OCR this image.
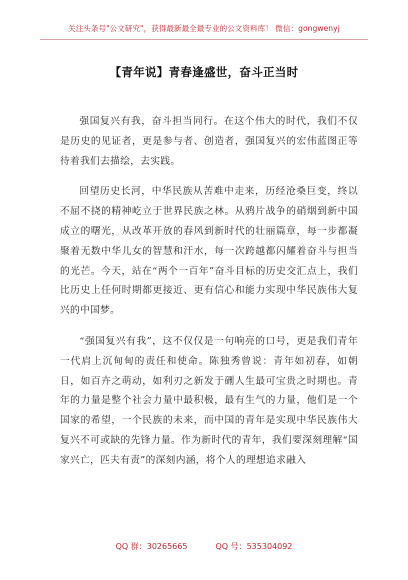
关注头条号"公文研究"，获得最新最全最专业的公文资料库！ 微信：gongwenyj
【青年说】青春逢盛世，奋斗正当时

强国复兴有我，奋斗担当同行。在这个伟大的时代，我们不仅是历史的见证者，更是参与者、创造者，强国复兴的宏伟蓝图正等待着我们去描绘，去实践。

回望历史长河，中华民族从苦难中走来，历经沧桑巨变，终以不屈不挠的精神屹立于世界民族之林。从鸦片战争的硝烟到新中国成立的曙光，从改革开放的春风到新时代的壮丽篇章，每一步都凝聚着无数中华儿女的智慧和汗水，每一次跨越都闪耀着奋斗与担当的光芒。今天，站在“两个一百年”奋斗目标的历史交汇点上，我们比历史上任何时期都更接近、更有信心和能力实现中华民族伟大复兴的中国梦。

“强国复兴有我”，这不仅仅是一句响亮的口号，更是我们青年一代肩上沉甸甸的责任和使命。陈独秀曾说：青年如初春，如朝日，如百卉之萌动，如利刃之新发于硎人生最可宝贵之时期也。青年的力量是整个社会力量中最积极，最有生气的力量，他们是一个国家的希望，一个民族的未来，而中国的青年是实现中华民族伟大复兴不可或缺的先锋力量。作为新时代的青年，我们要深刻理解“国家兴亡，匹夫有责”的深刻内涵，将个人的理想追求融入

QQ 群：30265665	QQ 号：535304092
